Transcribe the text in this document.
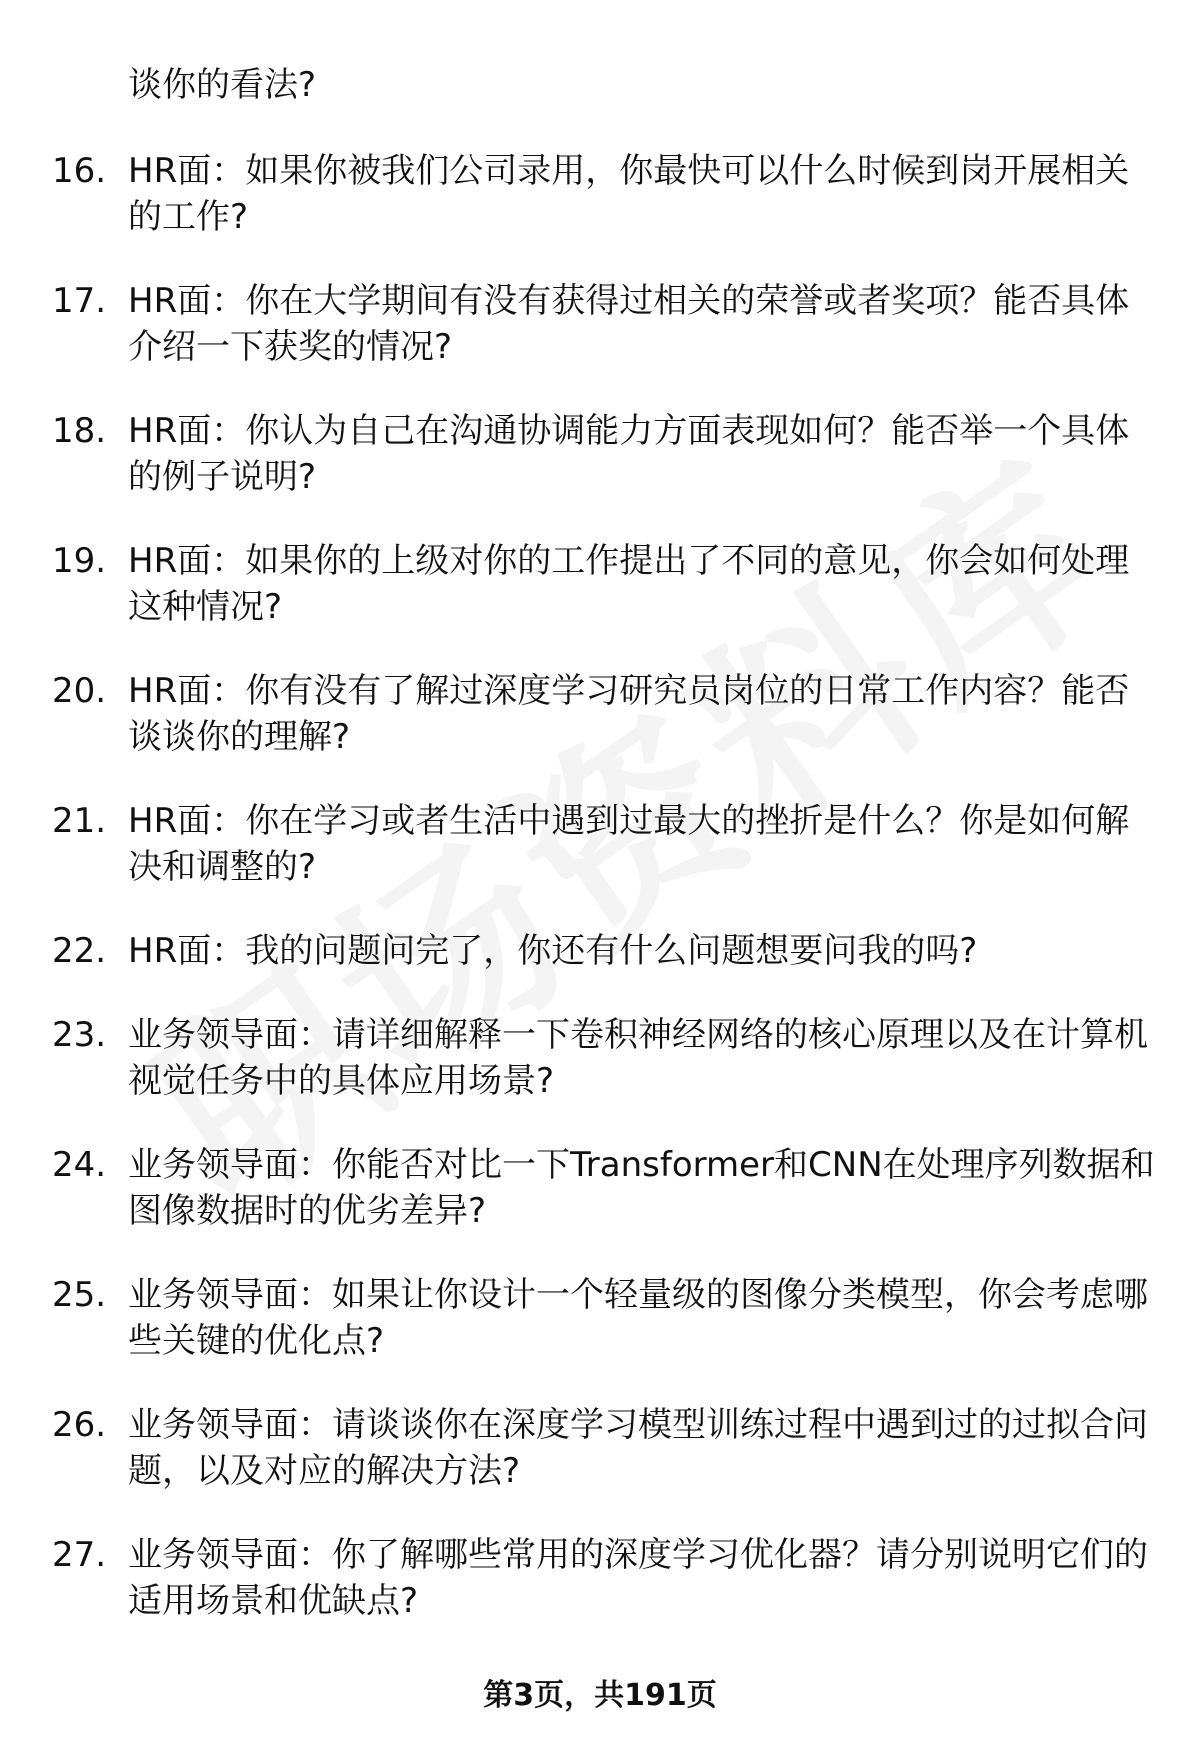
谈你的看法?
16. HR面：如果你被我们公司录用，你最快可以什么时候到岗开展相关的工作?
17. HR面：你在大学期间有没有获得过相关的荣誉或者奖项？能否具体介绍一下获奖的情况?
18. HR面：你认为自己在沟通协调能力方面表现如何？能否举一个具体的例子说明?
19. HR面：如果你的上级对你的工作提出了不同的意见，你会如何处理这种情况?
20. HR面：你有没有了解过深度学习研究员岗位的日常工作内容？能否谈谈你的理解?
21. HR面：你在学习或者生活中遇到过最大的挫折是什么？你是如何解决和调整的?
22. HR面：我的问题问完了，你还有什么问题想要问我的吗?
23. 业务领导面：请详细解释一下卷积神经网络的核心原理以及在计算机视觉任务中的具体应用场景?
24. 业务领导面：你能否对比一下Transformer和CNN在处理序列数据和图像数据时的优劣差异?
25. 业务领导面：如果让你设计一个轻量级的图像分类模型，你会考虑哪些关键的优化点?
26. 业务领导面：请谈谈你在深度学习模型训练过程中遇到过的过拟合问题，以及对应的解决方法?
27. 业务领导面：你了解哪些常用的深度学习优化器？请分别说明它们的适用场景和优缺点?
第3页，共191页
